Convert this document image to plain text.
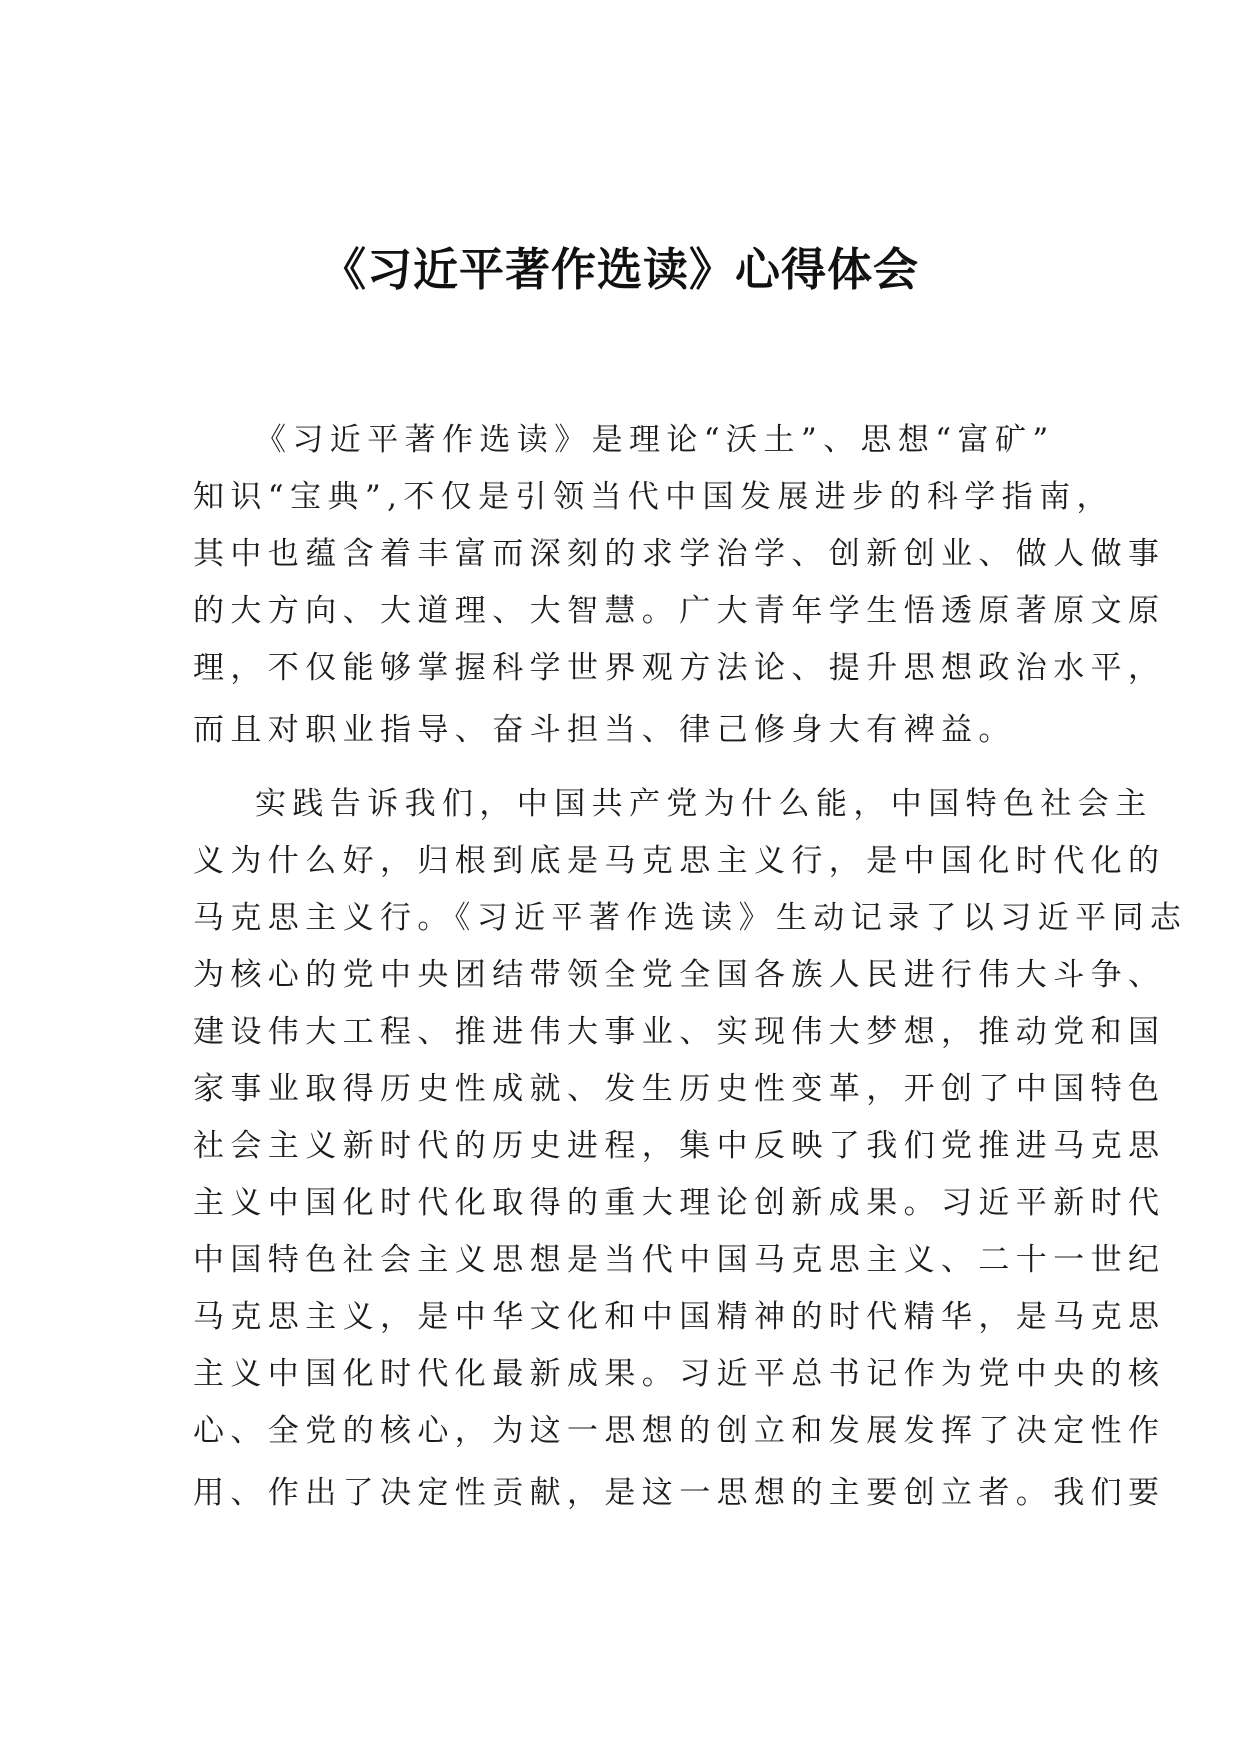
《习近平著作选读》心得体会
《习近平著作选读》是理论“沃土”、思想“富矿”
知识“宝典”,不仅是引领当代中国发展进步的科学指南，
其中也蕴含着丰富而深刻的求学治学、创新创业、做人做事
的大方向、大道理、大智慧。广大青年学生悟透原著原文原
理，不仅能够掌握科学世界观方法论、提升思想政治水平，
而且对职业指导、奋斗担当、律己修身大有裨益。
实践告诉我们，中国共产党为什么能，中国特色社会主
义为什么好，归根到底是马克思主义行，是中国化时代化的
马克思主义行。《习近平著作选读》生动记录了以习近平同志
为核心的党中央团结带领全党全国各族人民进行伟大斗争、
建设伟大工程、推进伟大事业、实现伟大梦想，推动党和国
家事业取得历史性成就、发生历史性变革，开创了中国特色
社会主义新时代的历史进程，集中反映了我们党推进马克思
主义中国化时代化取得的重大理论创新成果。习近平新时代
中国特色社会主义思想是当代中国马克思主义、二十一世纪
马克思主义，是中华文化和中国精神的时代精华，是马克思
主义中国化时代化最新成果。习近平总书记作为党中央的核
心、全党的核心，为这一思想的创立和发展发挥了决定性作
用、作出了决定性贡献，是这一思想的主要创立者。我们要
